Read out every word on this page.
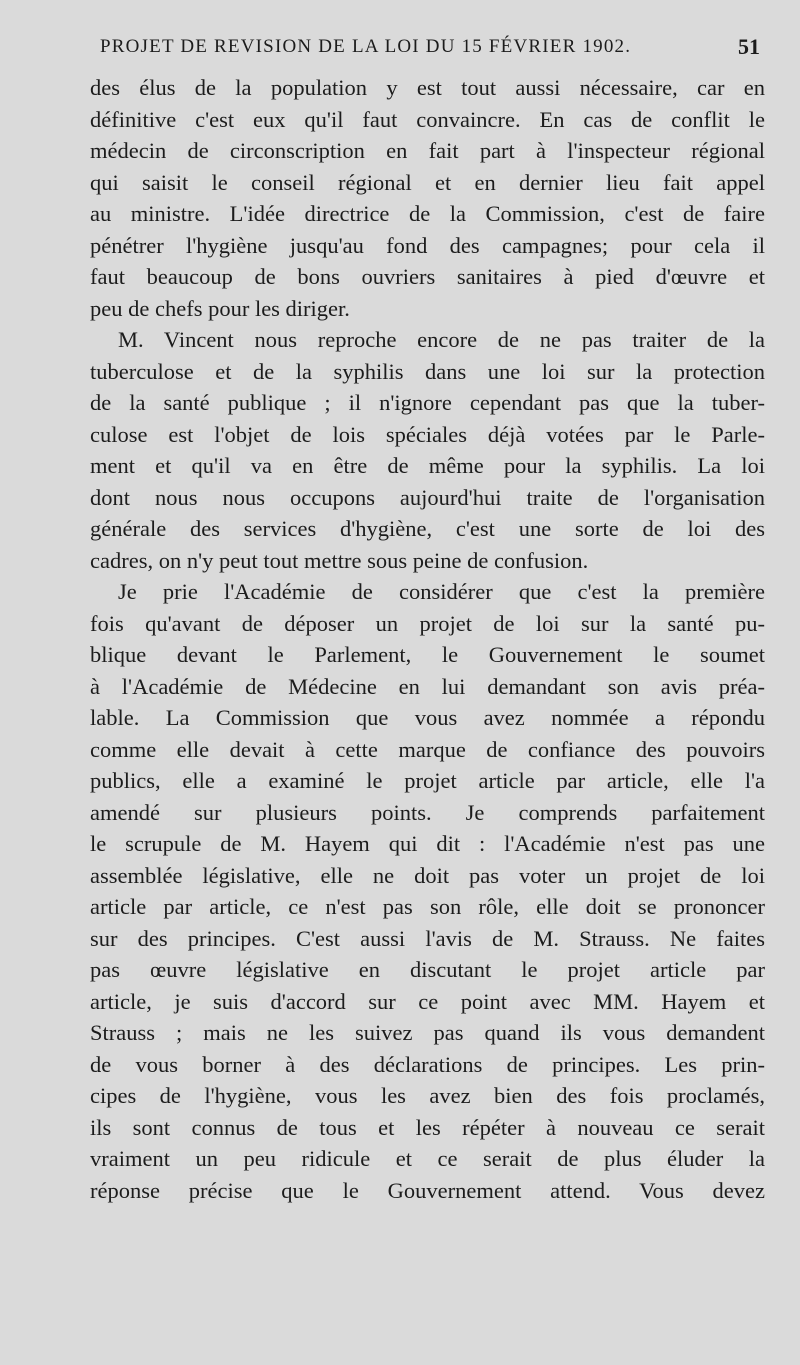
PROJET DE REVISION DE LA LOI DU 15 FÉVRIER 1902.	51
des élus de la population y est tout aussi nécessaire, car en
définitive c'est eux qu'il faut convaincre. En cas de conflit le
médecin de circonscription en fait part à l'inspecteur régional
qui saisit le conseil régional et en dernier lieu fait appel
au ministre. L'idée directrice de la Commission, c'est de faire
pénétrer l'hygiène jusqu'au fond des campagnes; pour cela il
faut beaucoup de bons ouvriers sanitaires à pied d'œuvre et
peu de chefs pour les diriger.
M. Vincent nous reproche encore de ne pas traiter de la
tuberculose et de la syphilis dans une loi sur la protection
de la santé publique ; il n'ignore cependant pas que la tuber-
culose est l'objet de lois spéciales déjà votées par le Parle-
ment et qu'il va en être de même pour la syphilis. La loi
dont nous nous occupons aujourd'hui traite de l'organisation
générale des services d'hygiène, c'est une sorte de loi des
cadres, on n'y peut tout mettre sous peine de confusion.
Je prie l'Académie de considérer que c'est la première
fois qu'avant de déposer un projet de loi sur la santé pu-
blique devant le Parlement, le Gouvernement le soumet
à l'Académie de Médecine en lui demandant son avis préa-
lable. La Commission que vous avez nommée a répondu
comme elle devait à cette marque de confiance des pouvoirs
publics, elle a examiné le projet article par article, elle l'a
amendé sur plusieurs points. Je comprends parfaitement
le scrupule de M. Hayem qui dit : l'Académie n'est pas une
assemblée législative, elle ne doit pas voter un projet de loi
article par article, ce n'est pas son rôle, elle doit se prononcer
sur des principes. C'est aussi l'avis de M. Strauss. Ne faites
pas œuvre législative en discutant le projet article par
article, je suis d'accord sur ce point avec MM. Hayem et
Strauss ; mais ne les suivez pas quand ils vous demandent
de vous borner à des déclarations de principes. Les prin-
cipes de l'hygiène, vous les avez bien des fois proclamés,
ils sont connus de tous et les répéter à nouveau ce serait
vraiment un peu ridicule et ce serait de plus éluder la
réponse précise que le Gouvernement attend. Vous devez
